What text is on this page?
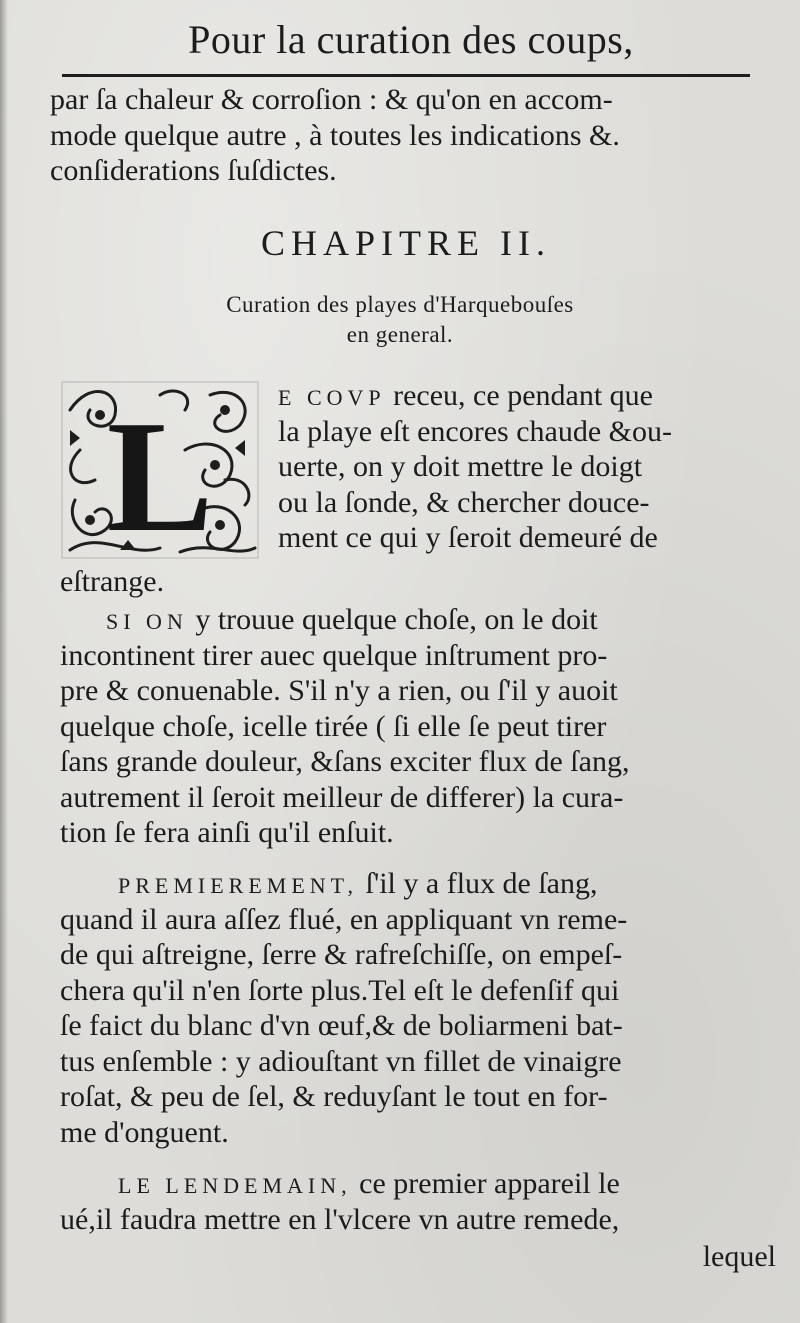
Pour la curation des coups,
par ſa chaleur & corroſion : & qu'on en accom-
mode quelque autre , à toutes les indications &.
conſiderations ſuſdictes.
CHAPITRE II.
Curation des playes d'Harquebouſes
en general.
L	E COVP receu, ce pendant que
la playe eſt encores chaude &ou-
uerte, on y doit mettre le doigt
ou la ſonde, & chercher douce-
ment ce qui y ſeroit demeuré de
eſtrange.
SI ON y trouue quelque choſe, on le doit
incontinent tirer auec quelque inſtrument pro-
pre & conuenable. S'il n'y a rien, ou ſ'il y auoit
quelque choſe, icelle tirée ( ſi elle ſe peut tirer
ſans grande douleur, &ſans exciter flux de ſang,
autrement il ſeroit meilleur de differer) la cura-
tion ſe fera ainſi qu'il enſuit.
PREMIEREMENT, ſ'il y a flux de ſang,
quand il aura aſſez flué, en appliquant vn reme-
de qui aſtreigne, ſerre & rafreſchiſſe, on empeſ-
chera qu'il n'en ſorte plus.Tel eſt le defenſif qui
ſe faict du blanc d'vn œuf,& de boliarmeni bat-
tus enſemble : y adiouſtant vn fillet de vinaigre
roſat, & peu de ſel, & reduyſant le tout en for-
me d'onguent.
LE LENDEMAIN, ce premier appareil le
ué,il faudra mettre en l'vlcere vn autre remede,
lequel
